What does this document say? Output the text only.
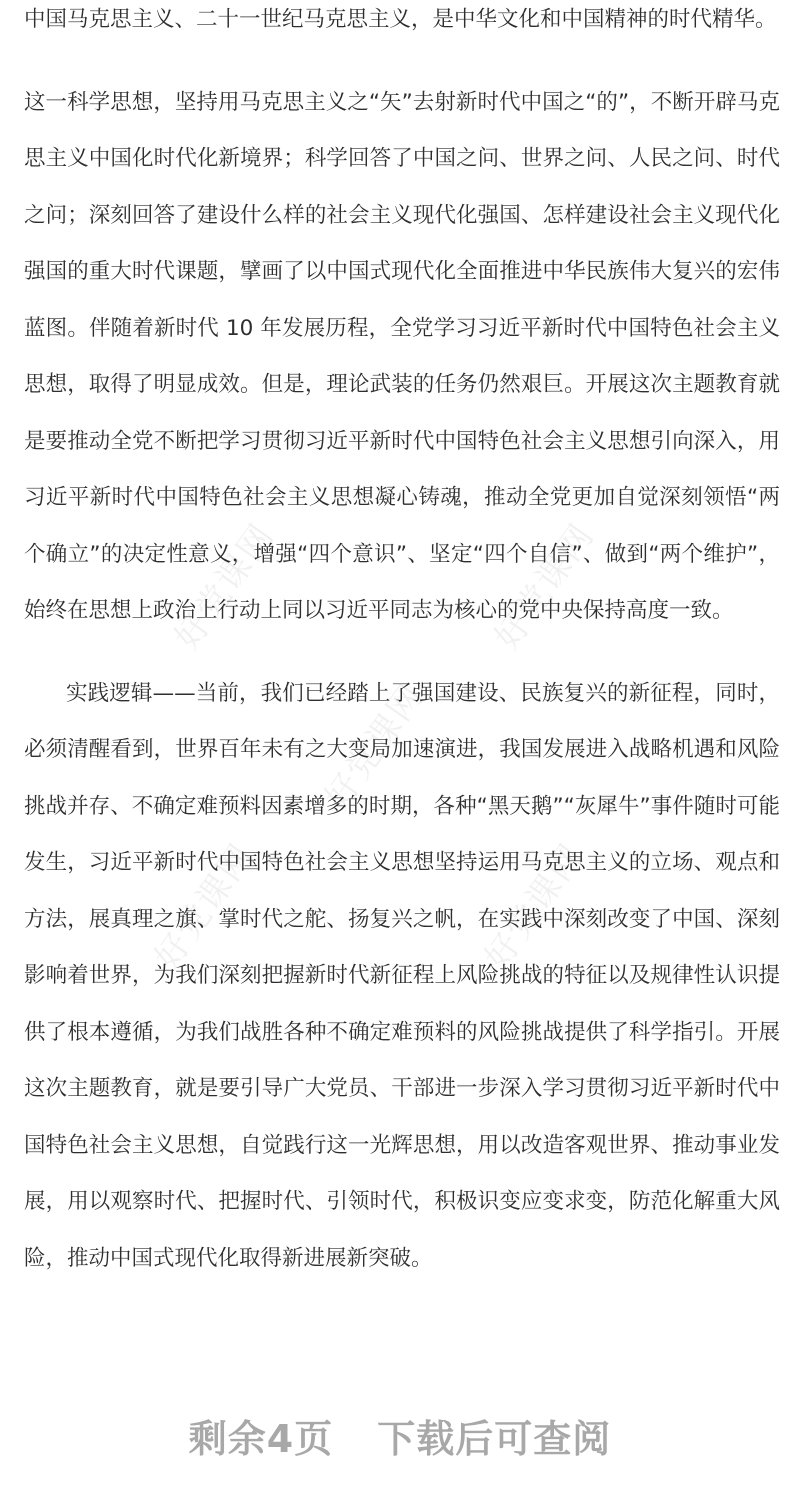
好党课网	好党课网
好党课网
好党课网	好党课网

中国马克思主义、二十一世纪马克思主义，是中华文化和中国精神的时代精华。

这一科学思想，坚持用马克思主义之“矢”去射新时代中国之“的”，不断开辟马克思主义中国化时代化新境界；科学回答了中国之问、世界之问、人民之问、时代之问；深刻回答了建设什么样的社会主义现代化强国、怎样建设社会主义现代化强国的重大时代课题，擘画了以中国式现代化全面推进中华民族伟大复兴的宏伟蓝图。伴随着新时代 10 年发展历程，全党学习习近平新时代中国特色社会主义思想，取得了明显成效。但是，理论武装的任务仍然艰巨。开展这次主题教育就是要推动全党不断把学习贯彻习近平新时代中国特色社会主义思想引向深入，用习近平新时代中国特色社会主义思想凝心铸魂，推动全党更加自觉深刻领悟“两个确立”的决定性意义，增强“四个意识”、坚定“四个自信”、做到“两个维护”，始终在思想上政治上行动上同以习近平同志为核心的党中央保持高度一致。

实践逻辑——当前，我们已经踏上了强国建设、民族复兴的新征程，同时，必须清醒看到，世界百年未有之大变局加速演进，我国发展进入战略机遇和风险挑战并存、不确定难预料因素增多的时期，各种“黑天鹅”“灰犀牛”事件随时可能发生，习近平新时代中国特色社会主义思想坚持运用马克思主义的立场、观点和方法，展真理之旗、掌时代之舵、扬复兴之帆，在实践中深刻改变了中国、深刻影响着世界，为我们深刻把握新时代新征程上风险挑战的特征以及规律性认识提供了根本遵循，为我们战胜各种不确定难预料的风险挑战提供了科学指引。开展这次主题教育，就是要引导广大党员、干部进一步深入学习贯彻习近平新时代中国特色社会主义思想，自觉践行这一光辉思想，用以改造客观世界、推动事业发展，用以观察时代、把握时代、引领时代，积极识变应变求变，防范化解重大风险，推动中国式现代化取得新进展新突破。

剩余4页 下载后可查阅
